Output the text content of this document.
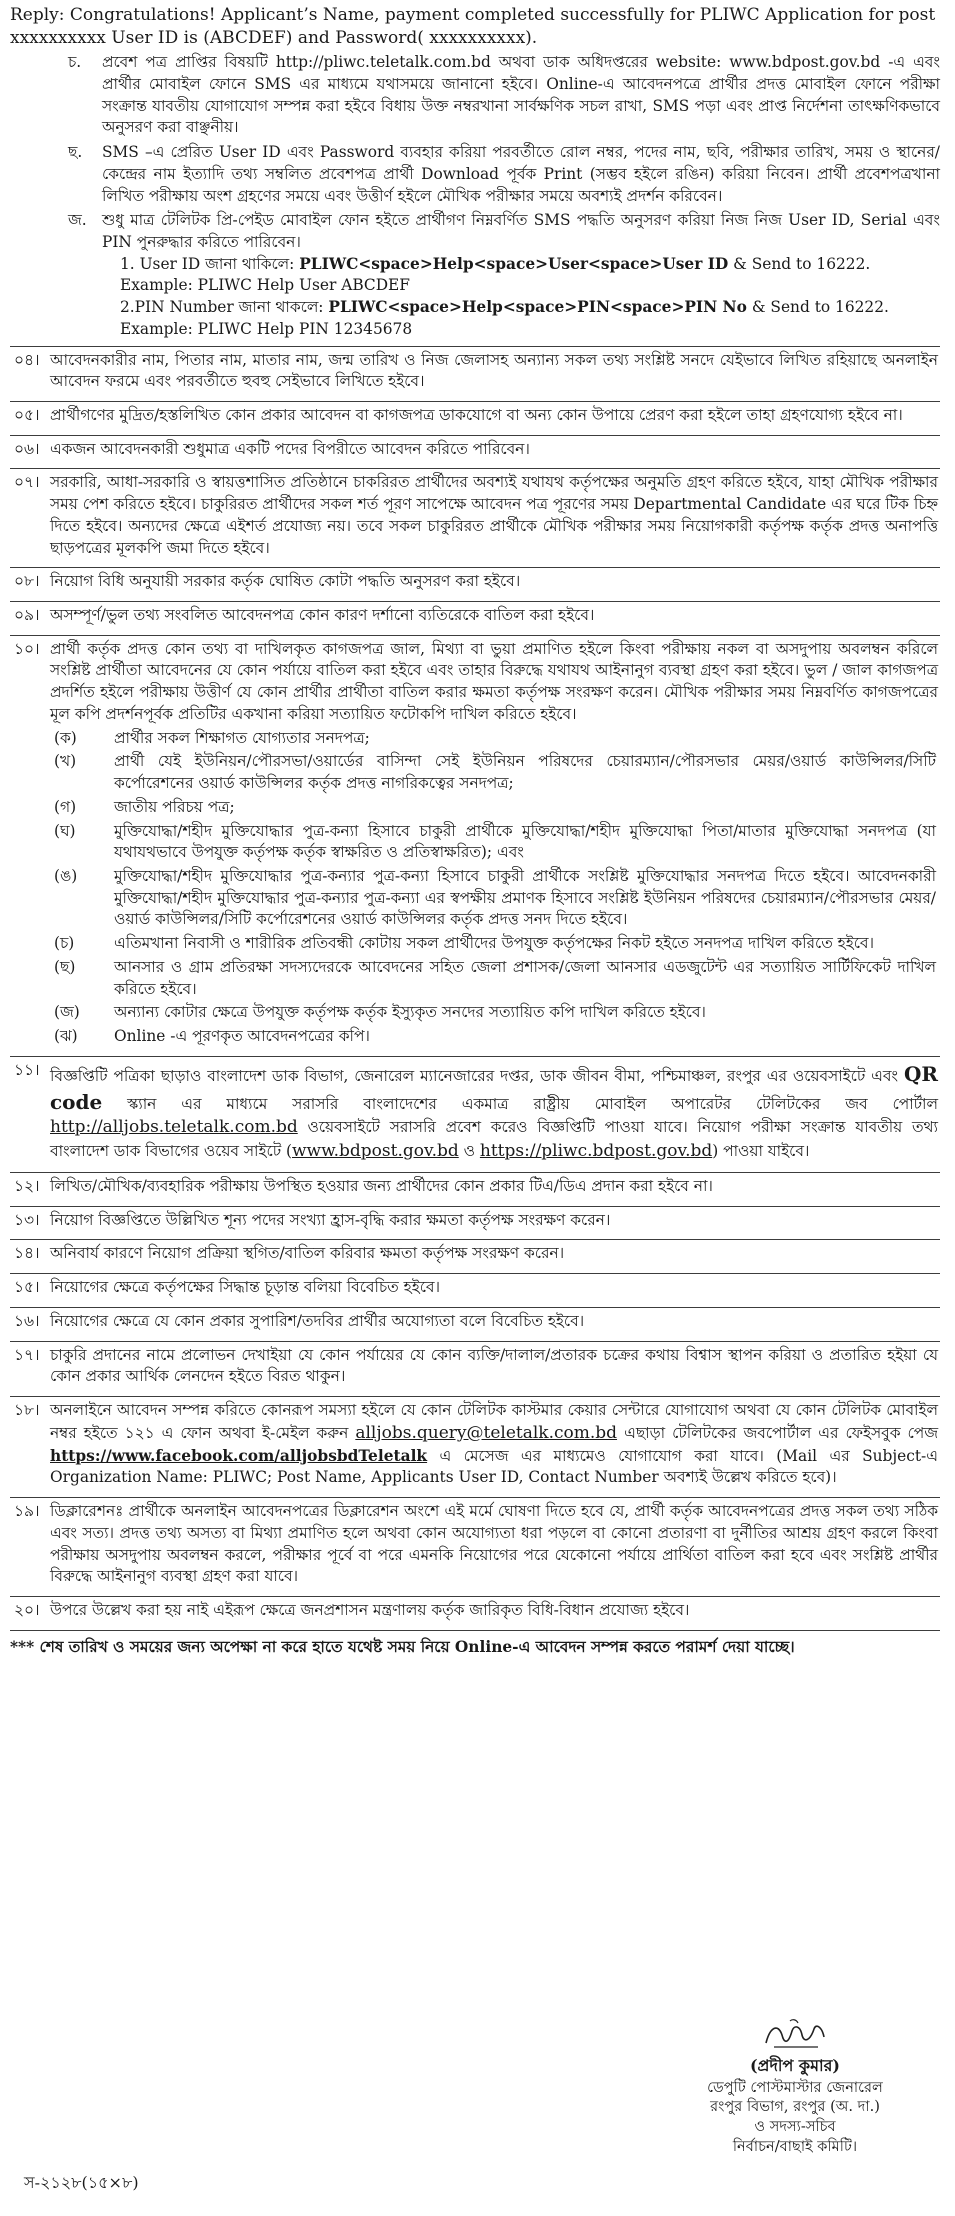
Reply: Congratulations! Applicant’s Name, payment completed successfully for PLIWC Application for post xxxxxxxxxx User ID is (ABCDEF) and Password( xxxxxxxxxx).
চ.	প্রবেশ পত্র প্রাপ্তির বিষয়টি http://pliwc.teletalk.com.bd অথবা ডাক অধিদপ্তরের website: www.bdpost.gov.bd -এ এবং প্রার্থীর মোবাইল ফোনে SMS এর মাধ্যমে যথাসময়ে জানানো হইবে। Online-এ আবেদনপত্রে প্রার্থীর প্রদত্ত মোবাইল ফোনে পরীক্ষা সংক্রান্ত যাবতীয় যোগাযোগ সম্পন্ন করা হইবে বিধায় উক্ত নম্বরখানা সার্বক্ষণিক সচল রাখা, SMS পড়া এবং প্রাপ্ত নির্দেশনা তাৎক্ষণিকভাবে অনুসরণ করা বাঞ্ছনীয়।
ছ.	SMS –এ প্রেরিত User ID এবং Password ব্যবহার করিয়া পরবর্তীতে রোল নম্বর, পদের নাম, ছবি, পরীক্ষার তারিখ, সময় ও স্থানের/কেন্দ্রের নাম ইত্যাদি তথ্য সম্বলিত প্রবেশপত্র প্রার্থী Download পূর্বক Print (সম্ভব হইলে রঙিন) করিয়া নিবেন। প্রার্থী প্রবেশপত্রখানা লিখিত পরীক্ষায় অংশ গ্রহণের সময়ে এবং উত্তীর্ণ হইলে মৌখিক পরীক্ষার সময়ে অবশ্যই প্রদর্শন করিবেন।
জ. শুধু মাত্র টেলিটক প্রি-পেইড মোবাইল ফোন হইতে প্রার্থীগণ নিম্নবর্ণিত SMS পদ্ধতি অনুসরণ করিয়া নিজ নিজ User ID, Serial এবং PIN পুনরুদ্ধার করিতে পারিবেন।
1. User ID জানা থাকিলে: PLIWC<space>Help<space>User<space>User ID & Send to 16222.
Example: PLIWC Help User ABCDEF
2.PIN Number জানা থাকলে: PLIWC<space>Help<space>PIN<space>PIN No & Send to 16222.
Example: PLIWC Help PIN 12345678
০৪। আবেদনকারীর নাম, পিতার নাম, মাতার নাম, জন্ম তারিখ ও নিজ জেলাসহ অন্যান্য সকল তথ্য সংশ্লিষ্ট সনদে যেইভাবে লিখিত রহিয়াছে অনলাইন আবেদন ফরমে এবং পরবর্তীতে হুবহু সেইভাবে লিখিতে হইবে।
০৫। প্রার্থীগণের মুদ্রিত/হস্তলিখিত কোন প্রকার আবেদন বা কাগজপত্র ডাকযোগে বা অন্য কোন উপায়ে প্রেরণ করা হইলে তাহা গ্রহণযোগ্য হইবে না।
০৬। একজন আবেদনকারী শুধুমাত্র একটি পদের বিপরীতে আবেদন করিতে পারিবেন।
০৭। সরকারি, আধা-সরকারি ও স্বায়ত্তশাসিত প্রতিষ্ঠানে চাকরিরত প্রার্থীদের অবশ্যই যথাযথ কর্তৃপক্ষের অনুমতি গ্রহণ করিতে হইবে, যাহা মৌখিক পরীক্ষার সময় পেশ করিতে হইবে। চাকুরিরত প্রার্থীদের সকল শর্ত পূরণ সাপেক্ষে আবেদন পত্র পূরণের সময় Departmental Candidate এর ঘরে টিক চিহ্ন দিতে হইবে। অন্যদের ক্ষেত্রে এইশর্ত প্রযোজ্য নয়। তবে সকল চাকুরিরত প্রার্থীকে মৌখিক পরীক্ষার সময় নিয়োগকারী কর্তৃপক্ষ কর্তৃক প্রদত্ত অনাপত্তি ছাড়পত্রের মূলকপি জমা দিতে হইবে।
০৮। নিয়োগ বিধি অনুযায়ী সরকার কর্তৃক ঘোষিত কোটা পদ্ধতি অনুসরণ করা হইবে।
০৯। অসম্পূর্ণ/ভুল তথ্য সংবলিত আবেদনপত্র কোন কারণ দর্শানো ব্যতিরেকে বাতিল করা হইবে।
১০। প্রার্থী কর্তৃক প্রদত্ত কোন তথ্য বা দাখিলকৃত কাগজপত্র জাল, মিথ্যা বা ভুয়া প্রমাণিত হইলে কিংবা পরীক্ষায় নকল বা অসদুপায় অবলম্বন করিলে সংশ্লিষ্ট প্রার্থীতা আবেদনের যে কোন পর্যায়ে বাতিল করা হইবে এবং তাহার বিরুদ্ধে যথাযথ আইনানুগ ব্যবস্থা গ্রহণ করা হইবে। ভুল / জাল কাগজপত্র প্রদর্শিত হইলে পরীক্ষায় উত্তীর্ণ যে কোন প্রার্থীর প্রার্থীতা বাতিল করার ক্ষমতা কর্তৃপক্ষ সংরক্ষণ করেন। মৌখিক পরীক্ষার সময় নিম্নবর্ণিত কাগজপত্রের মূল কপি প্রদর্শনপূর্বক প্রতিটির একখানা করিয়া সত্যায়িত ফটোকপি দাখিল করিতে হইবে।
(ক)	প্রার্থীর সকল শিক্ষাগত যোগ্যতার সনদপত্র;
(খ)	প্রার্থী যেই ইউনিয়ন/পৌরসভা/ওয়ার্ডের বাসিন্দা সেই ইউনিয়ন পরিষদের চেয়ারম্যান/পৌরসভার মেয়র/ওয়ার্ড কাউন্সিলর/সিটি কর্পোরেশনের ওয়ার্ড কাউন্সিলর কর্তৃক প্রদত্ত নাগরিকত্বের সনদপত্র;
(গ)	জাতীয় পরিচয় পত্র;
(ঘ)	মুক্তিযোদ্ধা/শহীদ মুক্তিযোদ্ধার পুত্র-কন্যা হিসাবে চাকুরী প্রার্থীকে মুক্তিযোদ্ধা/শহীদ মুক্তিযোদ্ধা পিতা/মাতার মুক্তিযোদ্ধা সনদপত্র (যা যথাযথভাবে উপযুক্ত কর্তৃপক্ষ কর্তৃক স্বাক্ষরিত ও প্রতিস্বাক্ষরিত); এবং
(ঙ)	মুক্তিযোদ্ধা/শহীদ মুক্তিযোদ্ধার পুত্র-কন্যার পুত্র-কন্যা হিসাবে চাকুরী প্রার্থীকে সংশ্লিষ্ট মুক্তিযোদ্ধার সনদপত্র দিতে হইবে। আবেদনকারী মুক্তিযোদ্ধা/শহীদ মুক্তিযোদ্ধার পুত্র-কন্যার পুত্র-কন্যা এর স্বপক্ষীয় প্রমাণক হিসাবে সংশ্লিষ্ট ইউনিয়ন পরিষদের চেয়ারম্যান/পৌরসভার মেয়র/ওয়ার্ড কাউন্সিলর/সিটি কর্পোরেশনের ওয়ার্ড কাউন্সিলর কর্তৃক প্রদত্ত সনদ দিতে হইবে।
(চ)	এতিমখানা নিবাসী ও শারীরিক প্রতিবন্ধী কোটায় সকল প্রার্থীদের উপযুক্ত কর্তৃপক্ষের নিকট হইতে সনদপত্র দাখিল করিতে হইবে।
(ছ)	আনসার ও গ্রাম প্রতিরক্ষা সদস্যদেরকে আবেদনের সহিত জেলা প্রশাসক/জেলা আনসার এডজুটেন্ট এর সত্যায়িত সার্টিফিকেট দাখিল করিতে হইবে।
(জ)	অন্যান্য কোটার ক্ষেত্রে উপযুক্ত কর্তৃপক্ষ কর্তৃক ইস্যুকৃত সনদের সত্যায়িত কপি দাখিল করিতে হইবে।
(ঝ)	Online -এ পূরণকৃত আবেদনপত্রের কপি।
১১। বিজ্ঞপ্তিটি পত্রিকা ছাড়াও বাংলাদেশ ডাক বিভাগ, জেনারেল ম্যানেজারের দপ্তর, ডাক জীবন বীমা, পশ্চিমাঞ্চল, রংপুর এর ওয়েবসাইটে এবং QR code স্ক্যান এর মাধ্যমে সরাসরি বাংলাদেশের একমাত্র রাষ্ট্রীয় মোবাইল অপারেটর টেলিটকের জব পোর্টাল http://alljobs.teletalk.com.bd ওয়েবসাইটে সরাসরি প্রবেশ করেও বিজ্ঞপ্তিটি পাওয়া যাবে। নিয়োগ পরীক্ষা সংক্রান্ত যাবতীয় তথ্য বাংলাদেশ ডাক বিভাগের ওয়েব সাইটে (www.bdpost.gov.bd ও https://pliwc.bdpost.gov.bd) পাওয়া যাইবে।
১২। লিখিত/মৌখিক/ব্যবহারিক পরীক্ষায় উপস্থিত হওয়ার জন্য প্রার্থীদের কোন প্রকার টিএ/ডিএ প্রদান করা হইবে না।
১৩। নিয়োগ বিজ্ঞপ্তিতে উল্লিখিত শূন্য পদের সংখ্যা হ্রাস-বৃদ্ধি করার ক্ষমতা কর্তৃপক্ষ সংরক্ষণ করেন।
১৪। অনিবার্য কারণে নিয়োগ প্রক্রিয়া স্থগিত/বাতিল করিবার ক্ষমতা কর্তৃপক্ষ সংরক্ষণ করেন।
১৫। নিয়োগের ক্ষেত্রে কর্তৃপক্ষের সিদ্ধান্ত চূড়ান্ত বলিয়া বিবেচিত হইবে।
১৬। নিয়োগের ক্ষেত্রে যে কোন প্রকার সুপারিশ/তদবির প্রার্থীর অযোগ্যতা বলে বিবেচিত হইবে।
১৭। চাকুরি প্রদানের নামে প্রলোভন দেখাইয়া যে কোন পর্যায়ের যে কোন ব্যক্তি/দালাল/প্রতারক চক্রের কথায় বিশ্বাস স্থাপন করিয়া ও প্রতারিত হইয়া যে কোন প্রকার আর্থিক লেনদেন হইতে বিরত থাকুন।
১৮। অনলাইনে আবেদন সম্পন্ন করিতে কোনরূপ সমস্যা হইলে যে কোন টেলিটক কাস্টমার কেয়ার সেন্টারে যোগাযোগ অথবা যে কোন টেলিটক মোবাইল নম্বর হইতে ১২১ এ ফোন অথবা ই-মেইল করুন alljobs.query@teletalk.com.bd এছাড়া টেলিটকের জবপোর্টাল এর ফেইসবুক পেজ https://www.facebook.com/alljobsbdTeletalk এ মেসেজ এর মাধ্যমেও যোগাযোগ করা যাবে। (Mail এর Subject-এ Organization Name: PLIWC; Post Name, Applicants User ID, Contact Number অবশ্যই উল্লেখ করিতে হবে)।
১৯। ডিক্লারেশনঃ প্রার্থীকে অনলাইন আবেদনপত্রের ডিক্লারেশন অংশে এই মর্মে ঘোষণা দিতে হবে যে, প্রার্থী কর্তৃক আবেদনপত্রের প্রদত্ত সকল তথ্য সঠিক এবং সত্য। প্রদত্ত তথ্য অসত্য বা মিথ্যা প্রমাণিত হলে অথবা কোন অযোগ্যতা ধরা পড়লে বা কোনো প্রতারণা বা দুর্নীতির আশ্রয় গ্রহণ করলে কিংবা পরীক্ষায় অসদুপায় অবলম্বন করলে, পরীক্ষার পূর্বে বা পরে এমনকি নিয়োগের পরে যেকোনো পর্যায়ে প্রার্থিতা বাতিল করা হবে এবং সংশ্লিষ্ট প্রার্থীর বিরুদ্ধে আইনানুগ ব্যবস্থা গ্রহণ করা যাবে।
২০। উপরে উল্লেখ করা হয় নাই এইরূপ ক্ষেত্রে জনপ্রশাসন মন্ত্রণালয় কর্তৃক জারিকৃত বিধি-বিধান প্রযোজ্য হইবে।
*** শেষ তারিখ ও সময়ের জন্য অপেক্ষা না করে হাতে যথেষ্ট সময় নিয়ে Online-এ আবেদন সম্পন্ন করতে পরামর্শ দেয়া যাচ্ছে।
(প্রদীপ কুমার)
ডেপুটি পোস্টমাস্টার জেনারেল
রংপুর বিভাগ, রংপুর (অ. দা.)
ও সদস্য-সচিব
নির্বাচন/বাছাই কমিটি।
স-২১২৮(১৫×৮)
